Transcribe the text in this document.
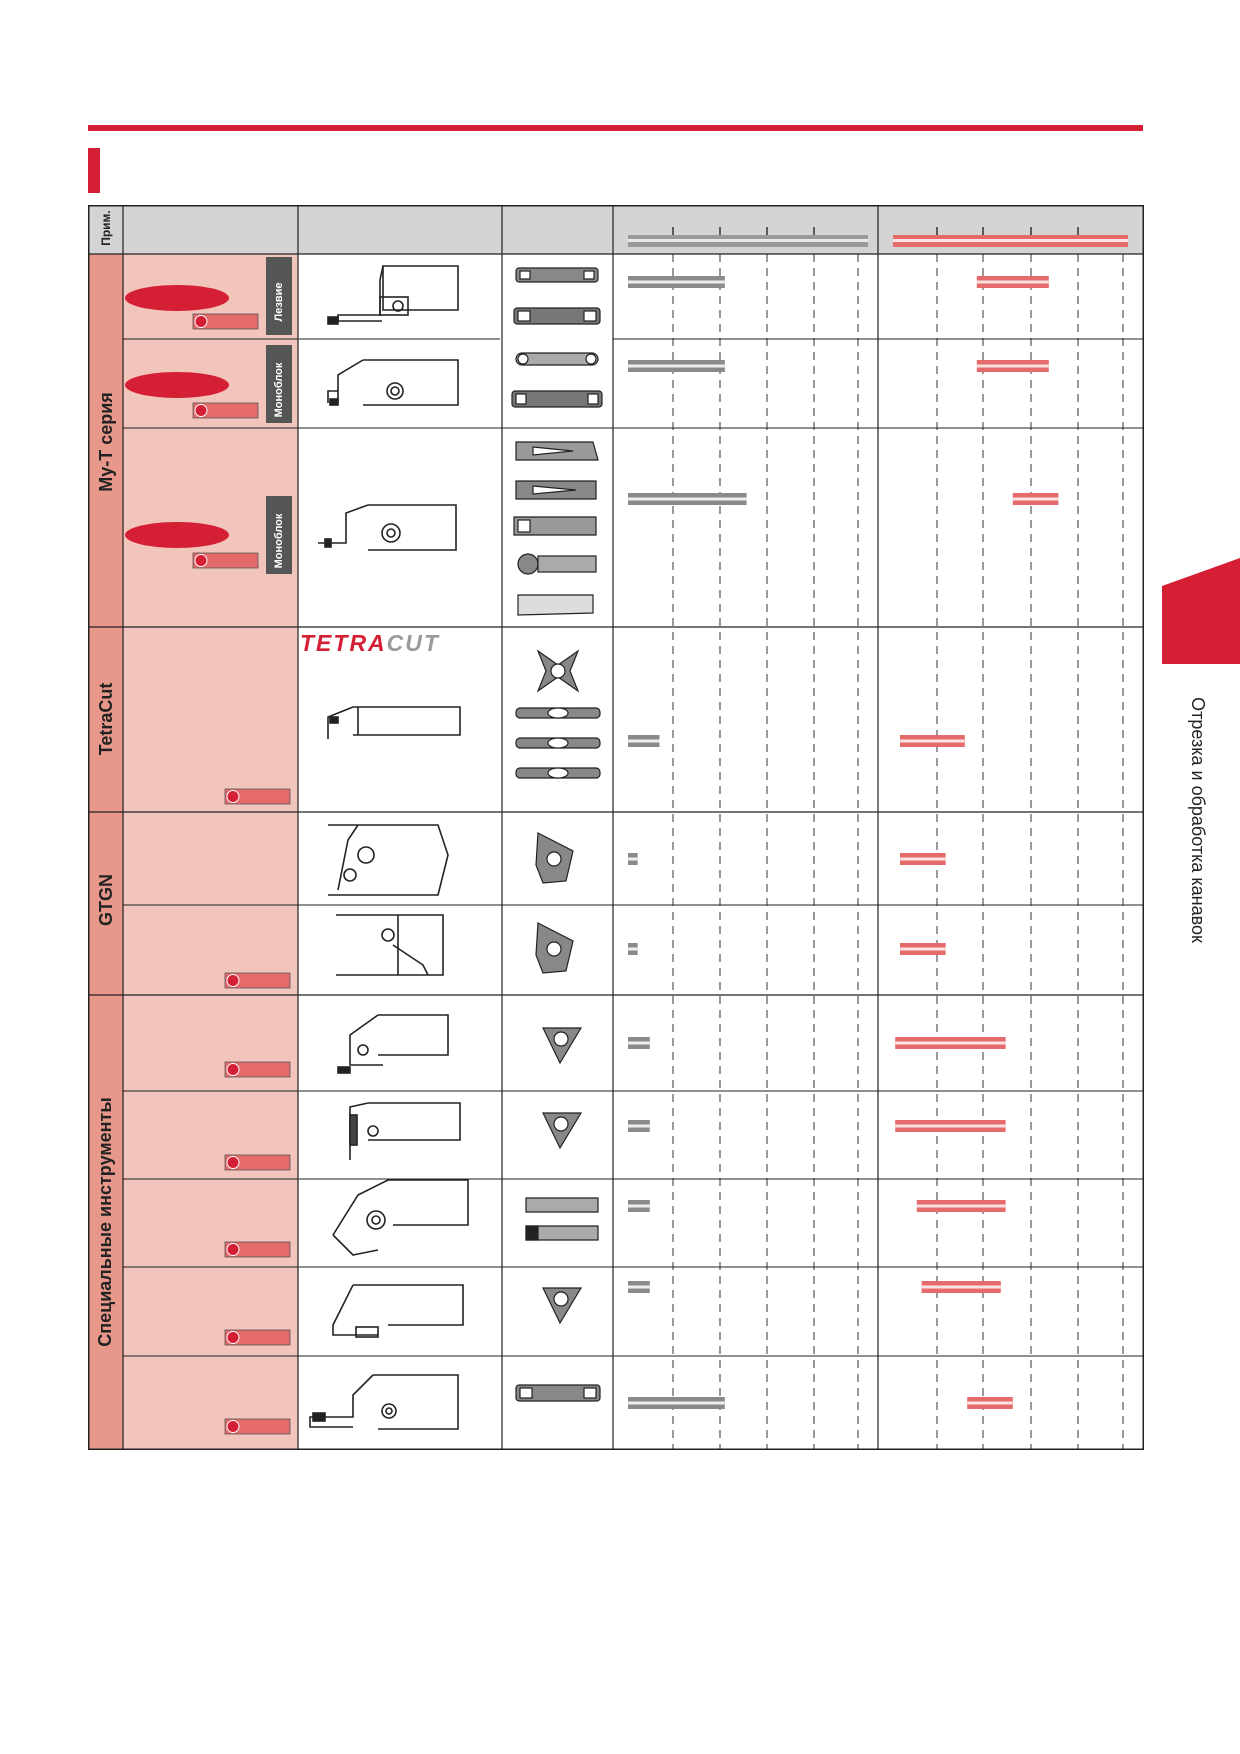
Отрезка и обработка канавок
Прим.
My-T серия
TetraCut
GTGN
Специальные инструменты
Лезвие
Моноблок
Моноблок
TETRACUT
